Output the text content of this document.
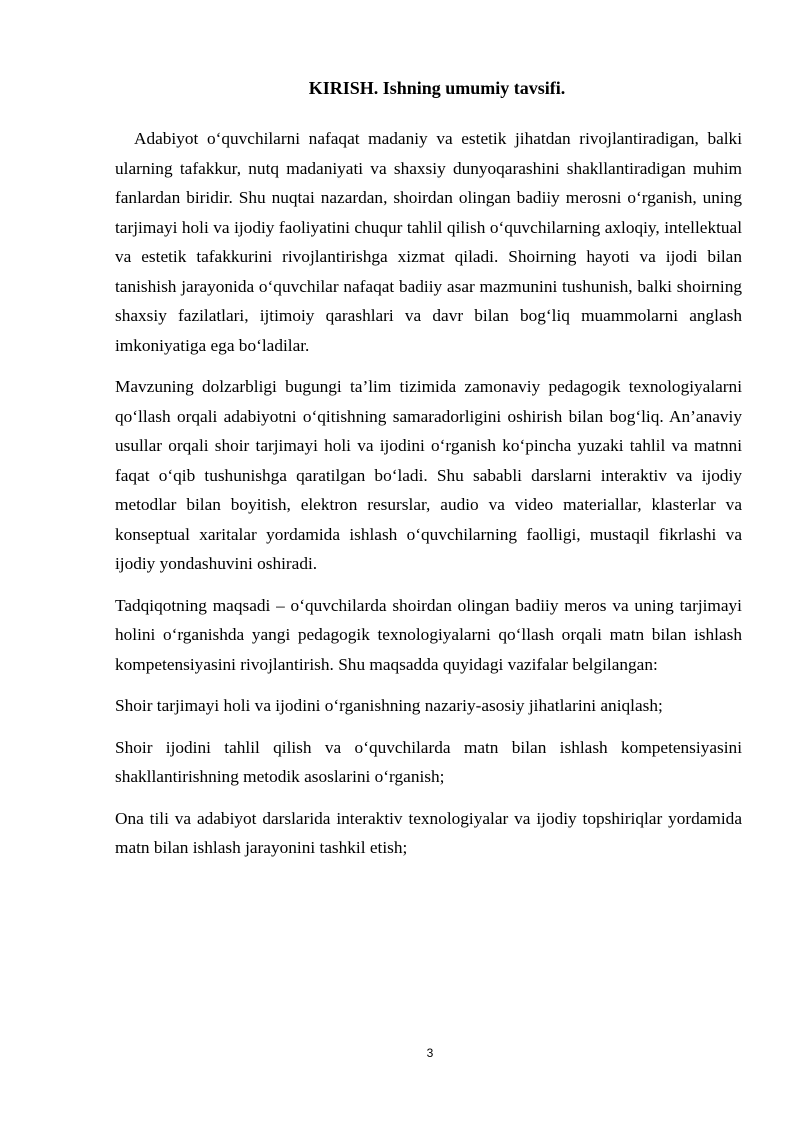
KIRISH. Ishning umumiy tavsifi.

Adabiyot o‘quvchilarni nafaqat madaniy va estetik jihatdan rivojlantiradigan, balki ularning tafakkur, nutq madaniyati va shaxsiy dunyoqarashini shakllantiradigan muhim fanlardan biridir. Shu nuqtai nazardan, shoirdan olingan badiiy merosni o‘rganish, uning tarjimayi holi va ijodiy faoliyatini chuqur tahlil qilish o‘quvchilarning axloqiy, intellektual va estetik tafakkurini rivojlantirishga xizmat qiladi. Shoirning hayoti va ijodi bilan tanishish jarayonida o‘quvchilar nafaqat badiiy asar mazmunini tushunish, balki shoirning shaxsiy fazilatlari, ijtimoiy qarashlari va davr bilan bog‘liq muammolarni anglash imkoniyatiga ega bo‘ladilar.

Mavzuning dolzarbligi bugungi ta’lim tizimida zamonaviy pedagogik texnologiyalarni qo‘llash orqali adabiyotni o‘qitishning samaradorligini oshirish bilan bog‘liq. An’anaviy usullar orqali shoir tarjimayi holi va ijodini o‘rganish ko‘pincha yuzaki tahlil va matnni faqat o‘qib tushunishga qaratilgan bo‘ladi. Shu sababli darslarni interaktiv va ijodiy metodlar bilan boyitish, elektron resurslar, audio va video materiallar, klasterlar va konseptual xaritalar yordamida ishlash o‘quvchilarning faolligi, mustaqil fikrlashi va ijodiy yondashuvini oshiradi.

Tadqiqotning maqsadi – o‘quvchilarda shoirdan olingan badiiy meros va uning tarjimayi holini o‘rganishda yangi pedagogik texnologiyalarni qo‘llash orqali matn bilan ishlash kompetensiyasini rivojlantirish. Shu maqsadda quyidagi vazifalar belgilangan:

Shoir tarjimayi holi va ijodini o‘rganishning nazariy-asosiy jihatlarini aniqlash;

Shoir ijodini tahlil qilish va o‘quvchilarda matn bilan ishlash kompetensiyasini shakllantirishning metodik asoslarini o‘rganish;

Ona tili va adabiyot darslarida interaktiv texnologiyalar va ijodiy topshiriqlar yordamida matn bilan ishlash jarayonini tashkil etish;

3
